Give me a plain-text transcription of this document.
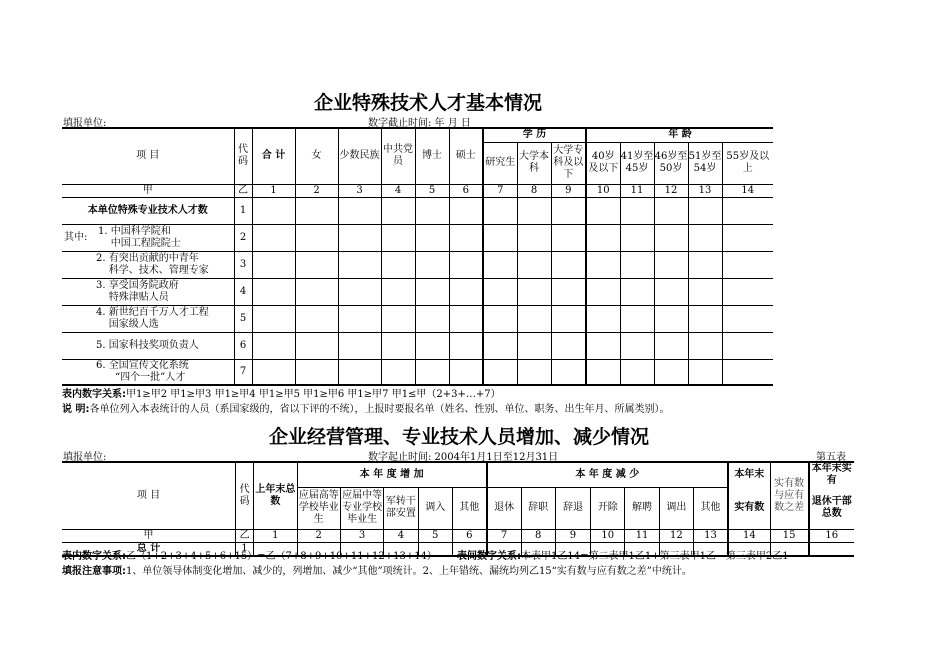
企业特殊技术人才基本情况
填报单位:	数字截止时间: 年 月 日
项 目	代码	合 计	女	少数民族	中共党员	博士	硕士	学 历			年 龄				
								研究生	大学本科	大学专科及以下	40岁及以下	41岁至45岁	46岁至50岁	51岁至54岁	55岁及以上
甲	乙	1	2	3	4	5	6	7	8	9	10	11	12	13	14
本单位特殊专业技术人才数	1														

其中:
1. 中国科学院和
中国工程院院士	2														

2. 有突出贡献的中青年
科学、技术、管理专家	3														

3. 享受国务院政府
特殊津贴人员	4														

4. 新世纪百千万人才工程
国家级人选	5														

5. 国家科技奖项负责人	6														

6. 全国宣传文化系统
“四个一批”人才	7														
表内数字关系:甲1≥甲2 甲1≥甲3 甲1≥甲4 甲1≥甲5 甲1≥甲6 甲1≥甲7 甲1≤甲（2+3+…+7）
说 明:各单位列入本表统计的人员（系国家级的，省以下评的不统），上报时要报名单（姓名、性别、单位、职务、出生年月、所属类别）。
企业经营管理、专业技术人员增加、减少情况
填报单位:	数字起止时间: 2004年1月1日至12月31日	第五表
项 目	代码	上年末总数	本 年 度 增 加					本 年 度 减 少							本年末	实有数与应有数之差	本年末实有
			应届高等学校毕业生	应届中等专业学校毕业生	军转干部安置	调入	其他	退休	辞职	辞退	开除	解聘	调出	其他	实有数		退休干部总数

甲	乙	1	2	3	4	5	6	7	8	9	10	11	12	13	14	15	16
总 计	1																
表内数字关系:乙（1+2+3+4+5+6+15）=乙（7+8+9+10+11+12+13+14） 表间数字关系:本表甲1乙14=第二表甲1乙1+第三表甲1乙－第三表甲2乙1
填报注意事项:1、单位领导体制变化增加、减少的，列增加、减少“其他”项统计。2、上年错统、漏统均列乙15“实有数与应有数之差”中统计。
